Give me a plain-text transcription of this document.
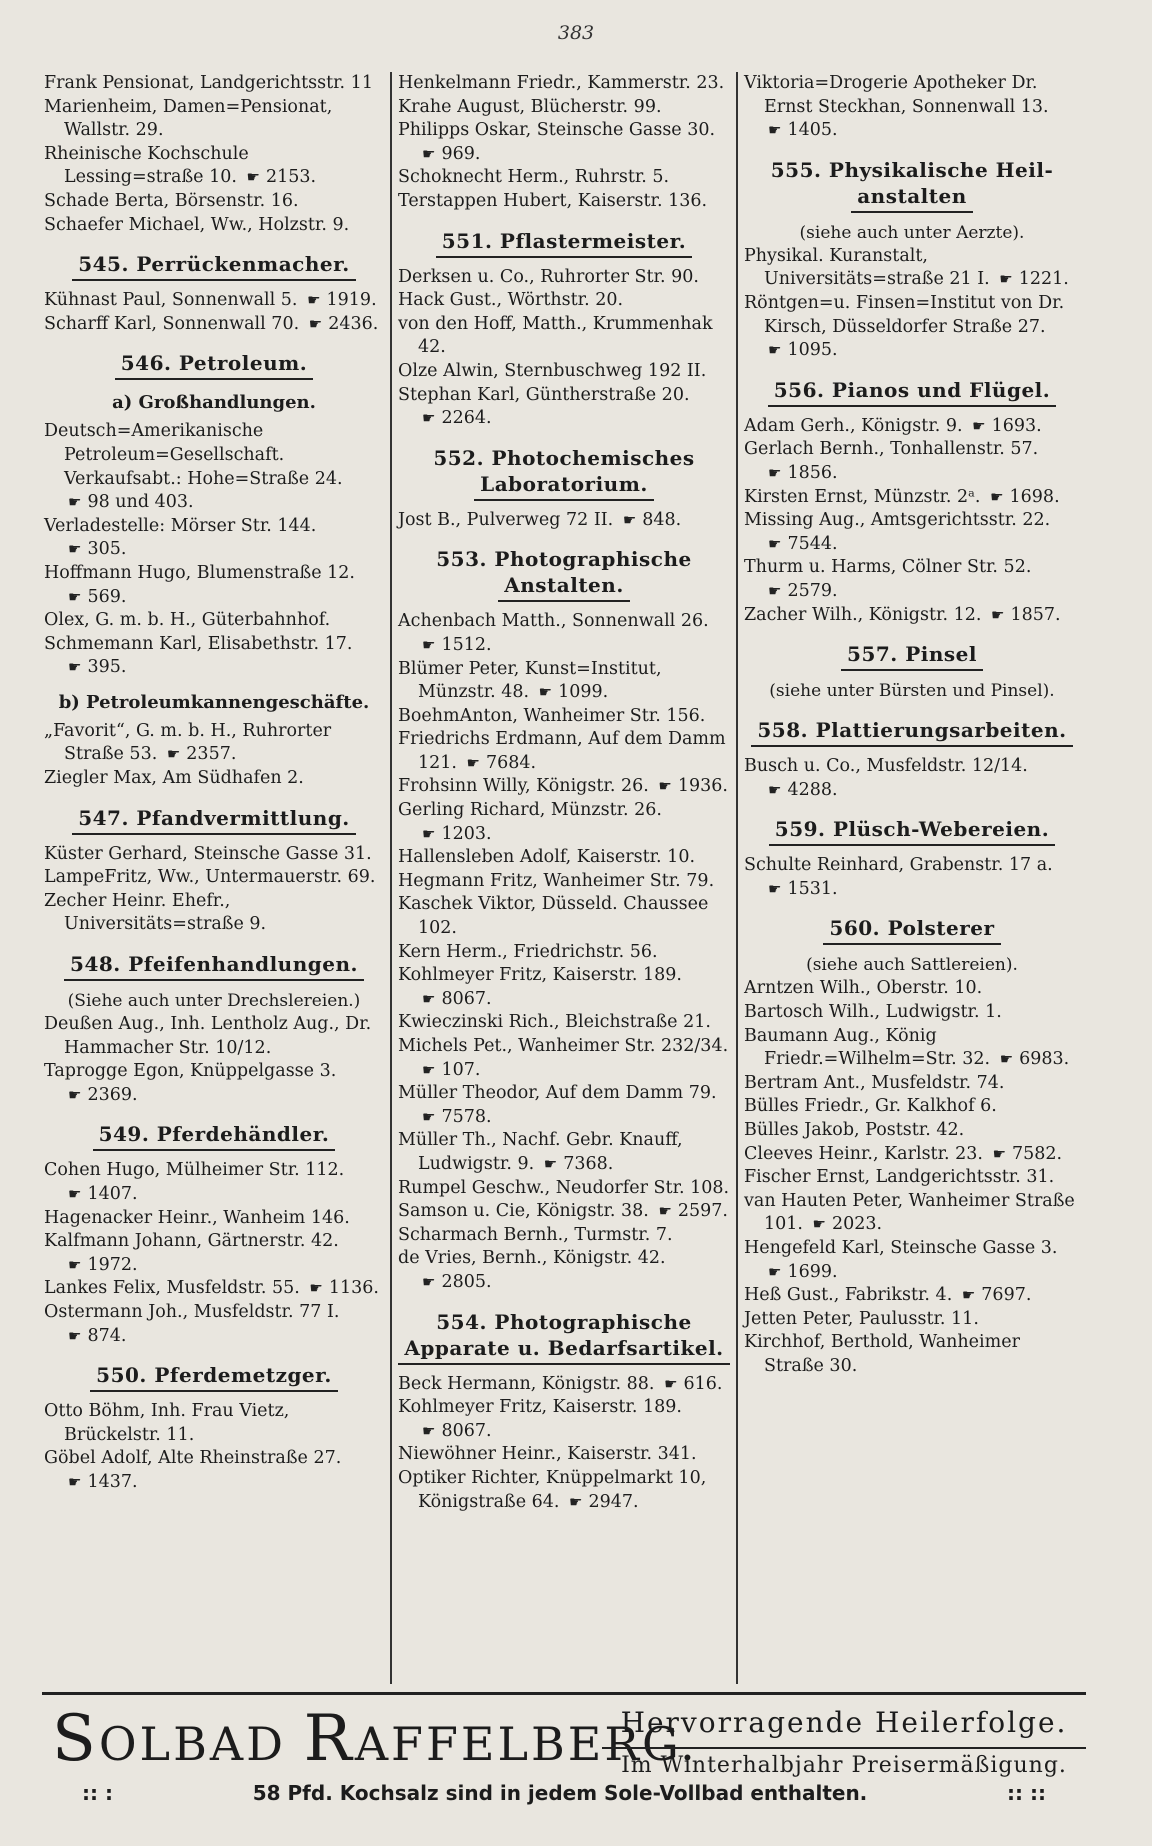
383
Frank Pensionat, Landgerichtsstr. 11
Marienheim, Damen=Pensionat, Wallstr. 29.
Rheinische Kochschule Lessing=straße 10. ☛ 2153.
Schade Berta, Börsenstr. 16.
Schaefer Michael, Ww., Holzstr. 9.
545. Perrückenmacher.
Kühnast Paul, Sonnenwall 5. ☛ 1919.
Scharff Karl, Sonnenwall 70. ☛ 2436.
546. Petroleum.
a) Großhandlungen.
Deutsch=Amerikanische Petroleum=Gesellschaft. Verkaufsabt.: Hohe=Straße 24. ☛ 98 und 403.
Verladestelle: Mörser Str. 144. ☛ 305.
Hoffmann Hugo, Blumenstraße 12. ☛ 569.
Olex, G. m. b. H., Güterbahnhof.
Schmemann Karl, Elisabethstr. 17. ☛ 395.
b) Petroleumkannengeschäfte.
„Favorit“, G. m. b. H., Ruhrorter Straße 53. ☛ 2357.
Ziegler Max, Am Südhafen 2.
547. Pfandvermittlung.
Küster Gerhard, Steinsche Gasse 31.
LampeFritz, Ww., Untermauerstr. 69.
Zecher Heinr. Ehefr., Universitäts=straße 9.
548. Pfeifenhandlungen.
(Siehe auch unter Drechslereien.)
Deußen Aug., Inh. Lentholz Aug., Dr. Hammacher Str. 10/12.
Taprogge Egon, Knüppelgasse 3. ☛ 2369.
549. Pferdehändler.
Cohen Hugo, Mülheimer Str. 112. ☛ 1407.
Hagenacker Heinr., Wanheim 146.
Kalfmann Johann, Gärtnerstr. 42. ☛ 1972.
Lankes Felix, Musfeldstr. 55. ☛ 1136.
Ostermann Joh., Musfeldstr. 77 I. ☛ 874.
550. Pferdemetzger.
Otto Böhm, Inh. Frau Vietz, Brückelstr. 11.
Göbel Adolf, Alte Rheinstraße 27. ☛ 1437.
Henkelmann Friedr., Kammerstr. 23.
Krahe August, Blücherstr. 99.
Philipps Oskar, Steinsche Gasse 30. ☛ 969.
Schoknecht Herm., Ruhrstr. 5.
Terstappen Hubert, Kaiserstr. 136.
551. Pflastermeister.
Derksen u. Co., Ruhrorter Str. 90.
Hack Gust., Wörthstr. 20.
von den Hoff, Matth., Krummenhak 42.
Olze Alwin, Sternbuschweg 192 II.
Stephan Karl, Güntherstraße 20. ☛ 2264.
552. Photochemisches
Laboratorium.
Jost B., Pulverweg 72 II. ☛ 848.
553. Photographische
Anstalten.
Achenbach Matth., Sonnenwall 26. ☛ 1512.
Blümer Peter, Kunst=Institut, Münzstr. 48. ☛ 1099.
BoehmAnton, Wanheimer Str. 156.
Friedrichs Erdmann, Auf dem Damm 121. ☛ 7684.
Frohsinn Willy, Königstr. 26. ☛ 1936.
Gerling Richard, Münzstr. 26. ☛ 1203.
Hallensleben Adolf, Kaiserstr. 10.
Hegmann Fritz, Wanheimer Str. 79.
Kaschek Viktor, Düsseld. Chaussee 102.
Kern Herm., Friedrichstr. 56.
Kohlmeyer Fritz, Kaiserstr. 189. ☛ 8067.
Kwieczinski Rich., Bleichstraße 21.
Michels Pet., Wanheimer Str. 232/34. ☛ 107.
Müller Theodor, Auf dem Damm 79. ☛ 7578.
Müller Th., Nachf. Gebr. Knauff, Ludwigstr. 9. ☛ 7368.
Rumpel Geschw., Neudorfer Str. 108.
Samson u. Cie, Königstr. 38. ☛ 2597.
Scharmach Bernh., Turmstr. 7.
de Vries, Bernh., Königstr. 42. ☛ 2805.
554. Photographische
Apparate u. Bedarfsartikel.
Beck Hermann, Königstr. 88. ☛ 616.
Kohlmeyer Fritz, Kaiserstr. 189. ☛ 8067.
Niewöhner Heinr., Kaiserstr. 341.
Optiker Richter, Knüppelmarkt 10, Königstraße 64. ☛ 2947.
Viktoria=Drogerie Apotheker Dr. Ernst Steckhan, Sonnenwall 13. ☛ 1405.
555. Physikalische Heil-
anstalten
(siehe auch unter Aerzte).
Physikal. Kuranstalt, Universitäts=straße 21 I. ☛ 1221.
Röntgen=u. Finsen=Institut von Dr. Kirsch, Düsseldorfer Straße 27. ☛ 1095.
556. Pianos und Flügel.
Adam Gerh., Königstr. 9. ☛ 1693.
Gerlach Bernh., Tonhallenstr. 57. ☛ 1856.
Kirsten Ernst, Münzstr. 2ᵃ. ☛ 1698.
Missing Aug., Amtsgerichtsstr. 22. ☛ 7544.
Thurm u. Harms, Cölner Str. 52. ☛ 2579.
Zacher Wilh., Königstr. 12. ☛ 1857.
557. Pinsel
(siehe unter Bürsten und Pinsel).
558. Plattierungsarbeiten.
Busch u. Co., Musfeldstr. 12/14. ☛ 4288.
559. Plüsch-Webereien.
Schulte Reinhard, Grabenstr. 17 a. ☛ 1531.
560. Polsterer
(siehe auch Sattlereien).
Arntzen Wilh., Oberstr. 10.
Bartosch Wilh., Ludwigstr. 1.
Baumann Aug., König Friedr.=Wilhelm=Str. 32. ☛ 6983.
Bertram Ant., Musfeldstr. 74.
Bülles Friedr., Gr. Kalkhof 6.
Bülles Jakob, Poststr. 42.
Cleeves Heinr., Karlstr. 23. ☛ 7582.
Fischer Ernst, Landgerichtsstr. 31.
van Hauten Peter, Wanheimer Straße 101. ☛ 2023.
Hengefeld Karl, Steinsche Gasse 3. ☛ 1699.
Heß Gust., Fabrikstr. 4. ☛ 7697.
Jetten Peter, Paulusstr. 11.
Kirchhof, Berthold, Wanheimer Straße 30.
SOLBAD RAFFELBERG.
Hervorragende Heilerfolge.
Im Winterhalbjahr Preisermäßigung.
:: :	58 Pfd. Kochsalz sind in jedem Sole-Vollbad enthalten.	:: ::
